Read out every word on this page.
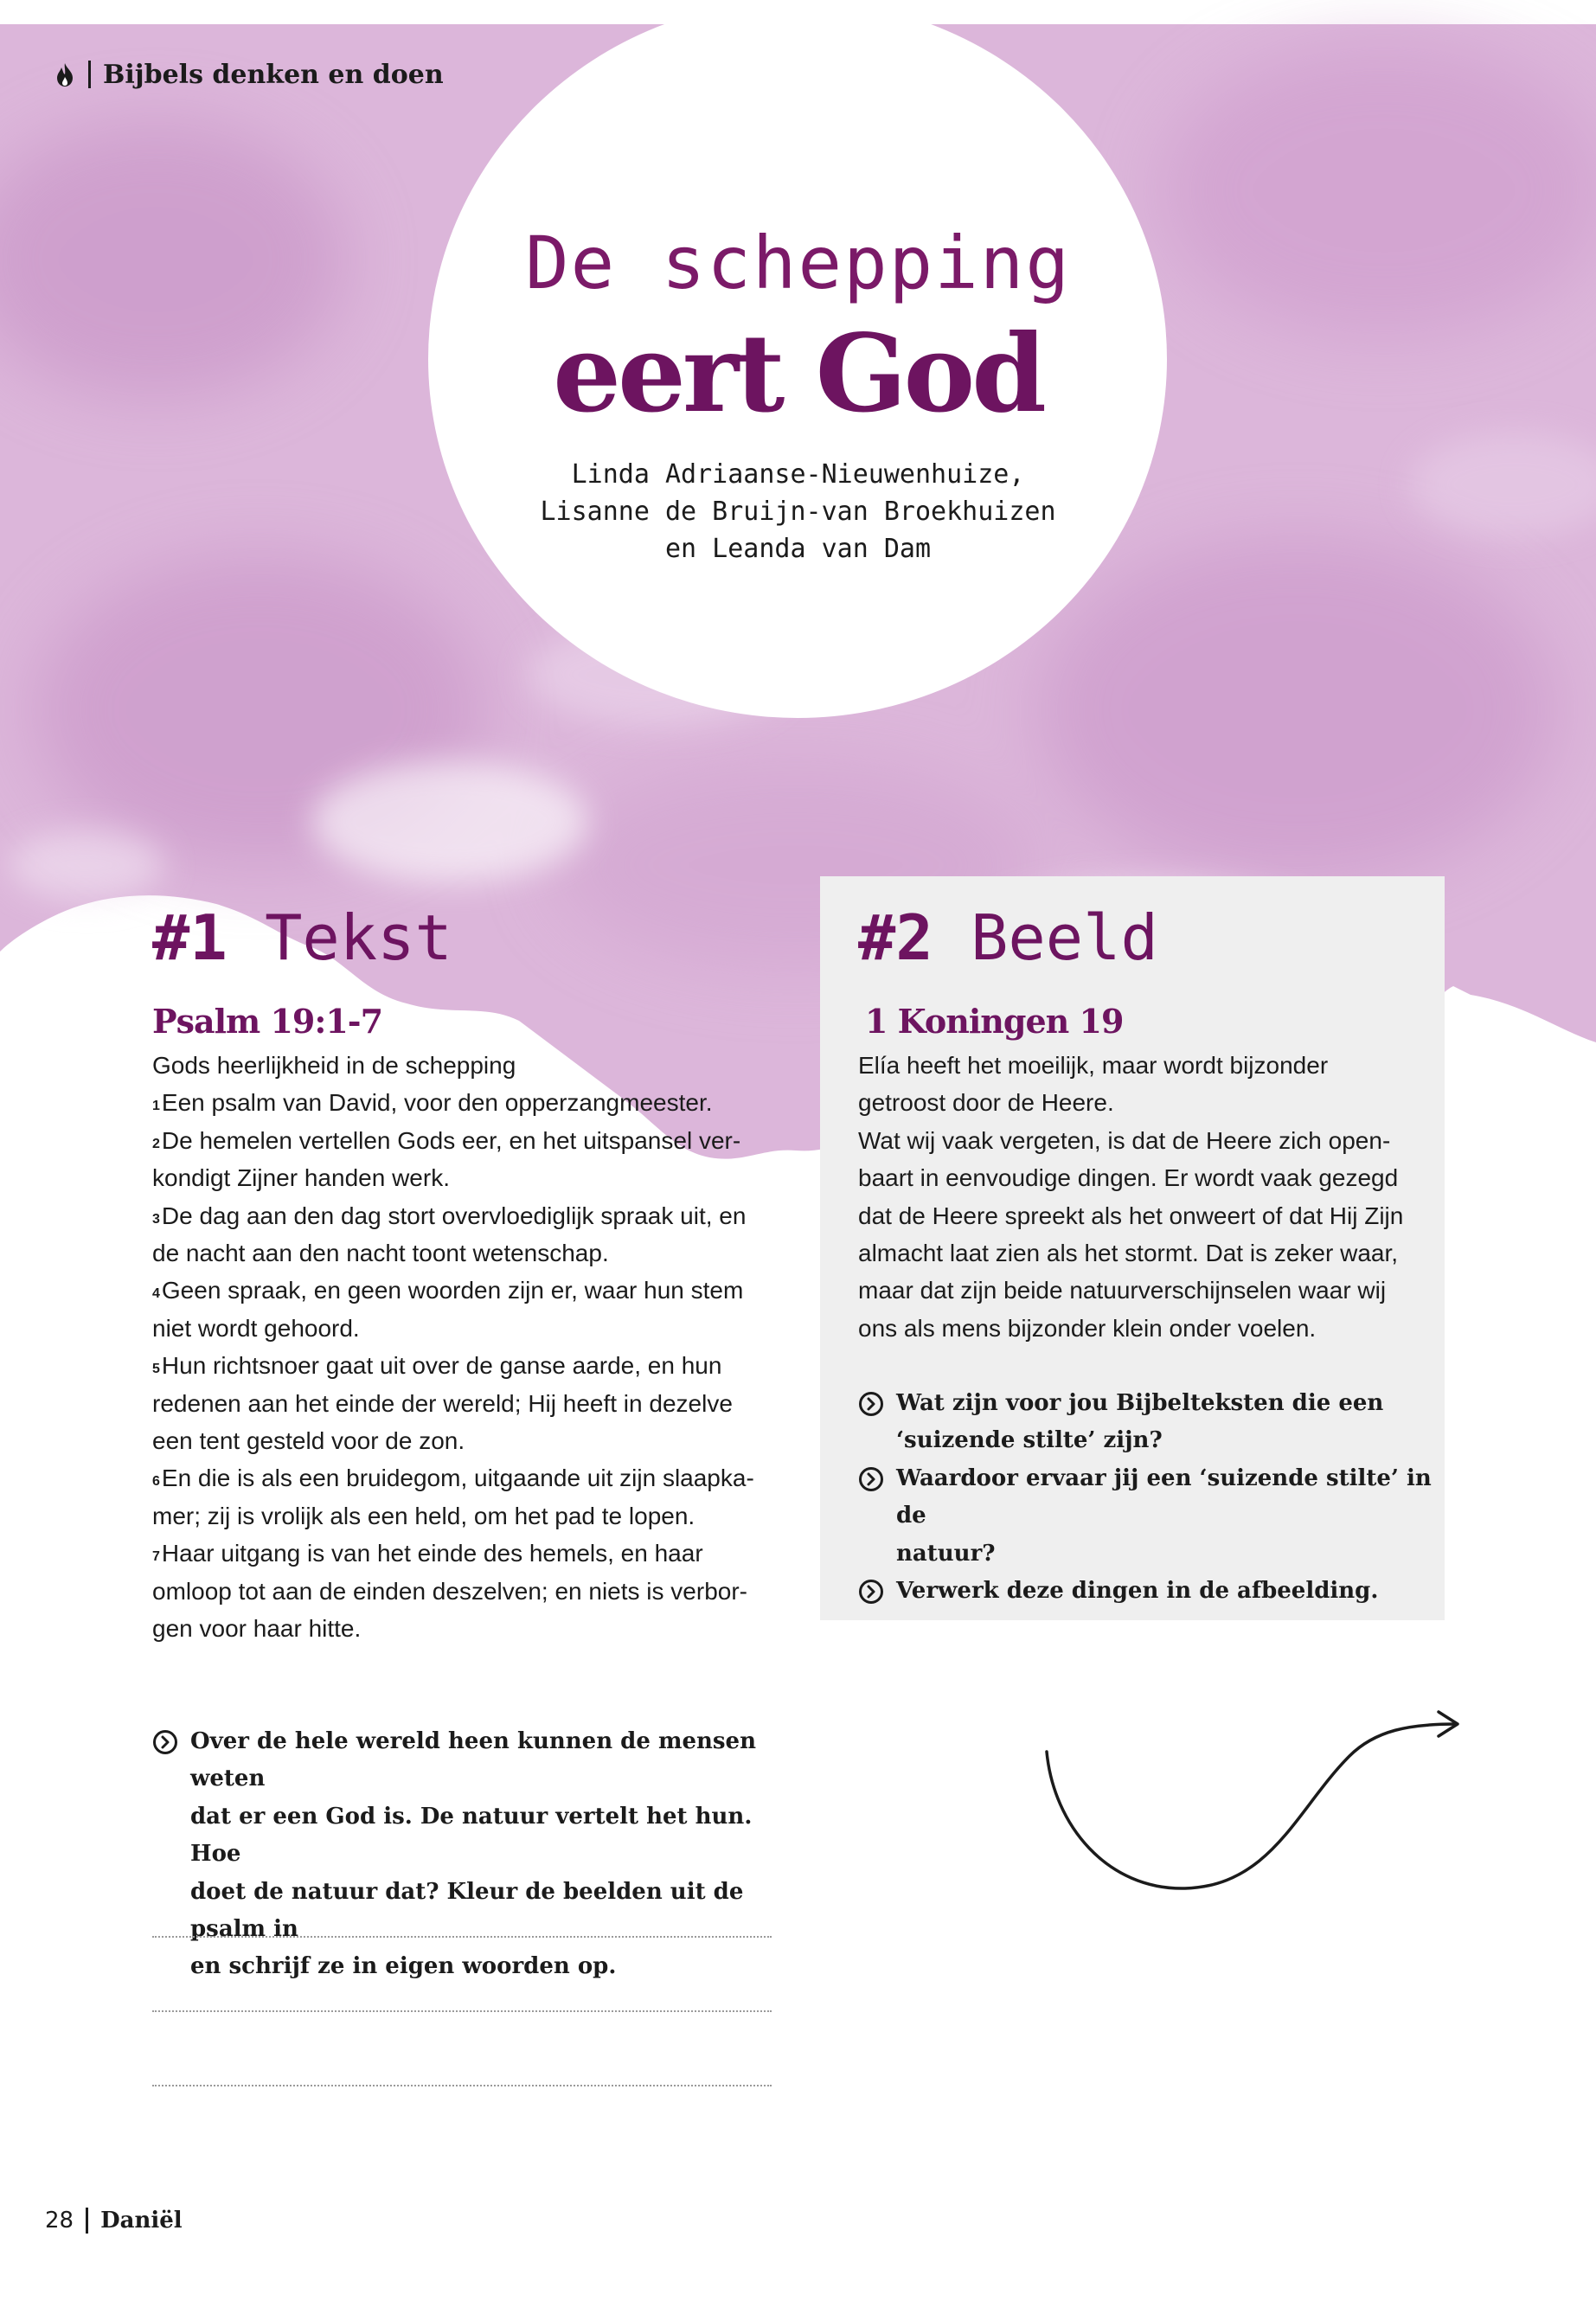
Bijbels denken en doen
De schepping
eert God
Linda Adriaanse-Nieuwenhuize,
Lisanne de Bruijn-van Broekhuizen
en Leanda van Dam
#1 Tekst
Psalm 19:1-7

Gods heerlijkheid in de schepping

$^1$Een psalm van David, voor den opperzangmeester.

$^2$De hemelen vertellen Gods eer, en het uitspansel ver-

kondigt Zijner handen werk.

$^3$De dag aan den dag stort overvloediglijk spraak uit, en

de nacht aan den nacht toont wetenschap.

$^4$Geen spraak, en geen woorden zijn er, waar hun stem

niet wordt gehoord.

$^5$Hun richtsnoer gaat uit over de ganse aarde, en hun

redenen aan het einde der wereld; Hij heeft in dezelve

een tent gesteld voor de zon.

$^6$En die is als een bruidegom, uitgaande uit zijn slaapka-

mer; zij is vrolijk als een held, om het pad te lopen.

$^7$Haar uitgang is van het einde des hemels, en haar

omloop tot aan de einden deszelven; en niets is verbor-

gen voor haar hitte.

Over de hele wereld heen kunnen de mensen weten
dat er een God is. De natuur vertelt het hun. Hoe
doet de natuur dat? Kleur de beelden uit de psalm in
en schrijf ze in eigen woorden op.
#2 Beeld
1 Koningen 19

Elía heeft het moeilijk, maar wordt bijzonder

getroost door de Heere.

Wat wij vaak vergeten, is dat de Heere zich open-

baart in eenvoudige dingen. Er wordt vaak gezegd

dat de Heere spreekt als het onweert of dat Hij Zijn

almacht laat zien als het stormt. Dat is zeker waar,

maar dat zijn beide natuurverschijnselen waar wij

ons als mens bijzonder klein onder voelen.

Wat zijn voor jou Bijbelteksten die een
‘suizende stilte’ zijn?
Waardoor ervaar jij een ‘suizende stilte’ in de
natuur?
Verwerk deze dingen in de afbeelding.
28 Daniël
